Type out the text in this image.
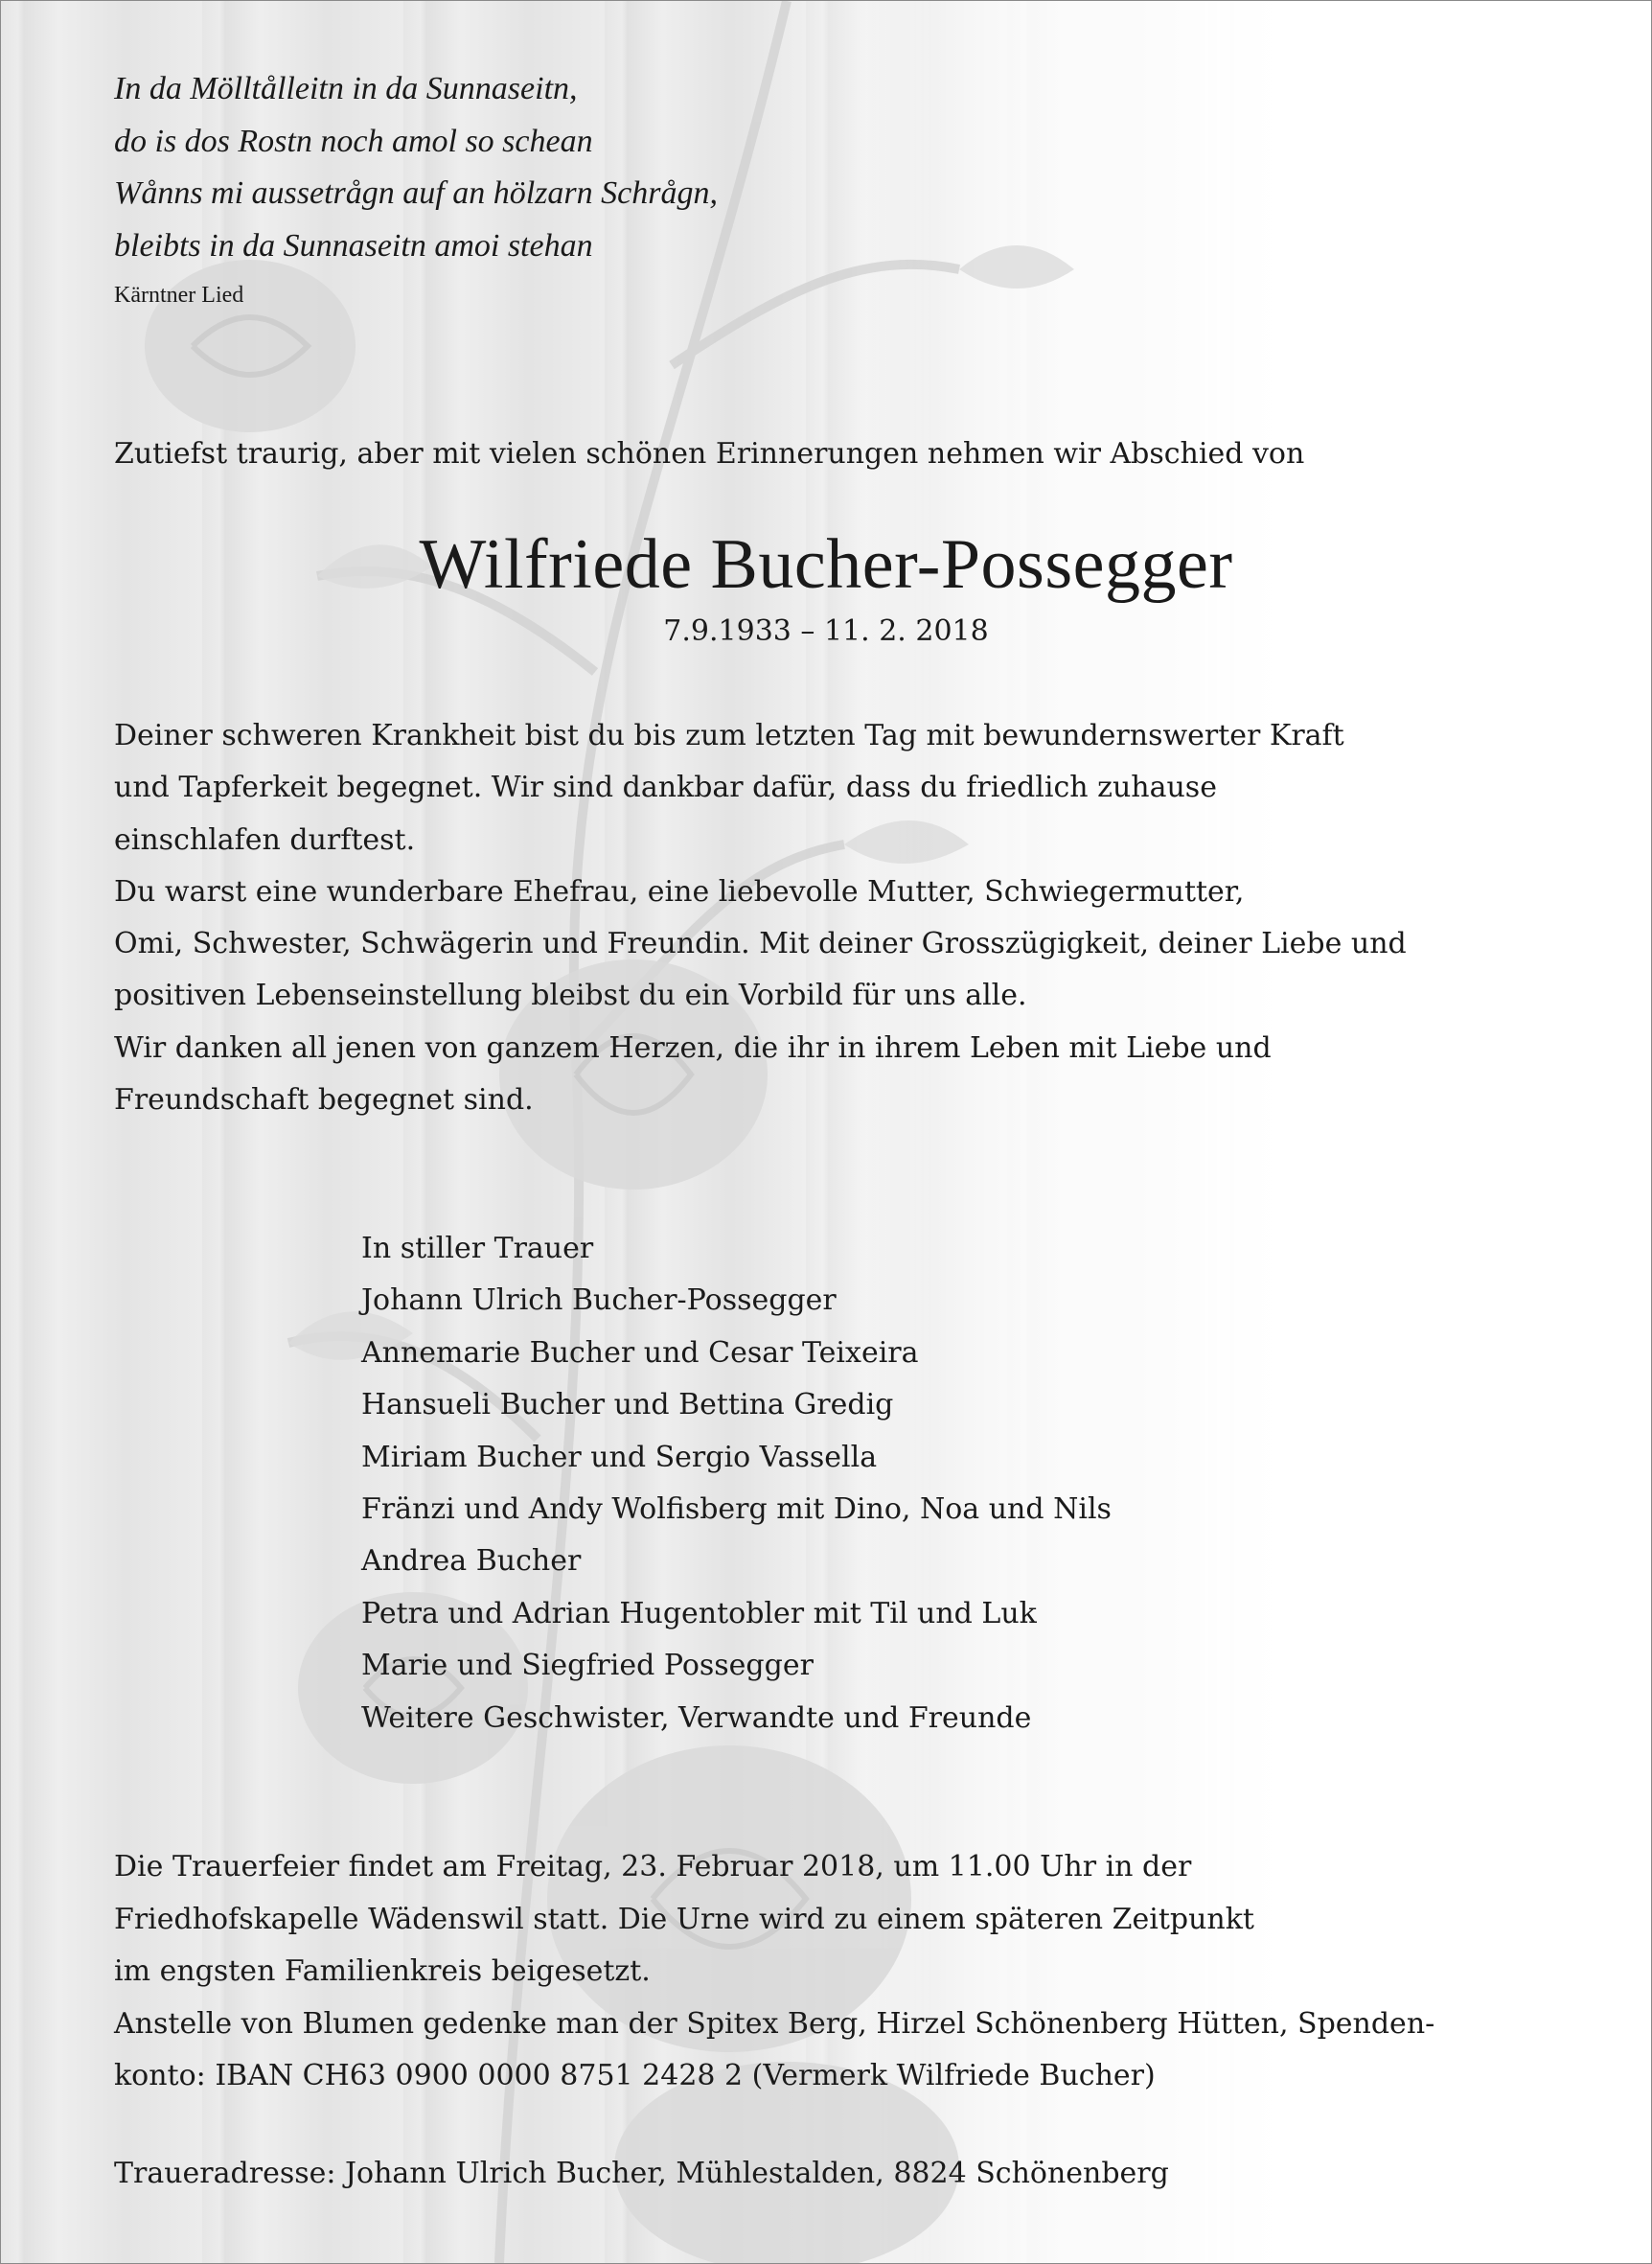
In da Mölltålleitn in da Sunnaseitn,
do is dos Rostn noch amol so schean
Wånns mi aussetrågn auf an hölzarn Schrågn,
bleibts in da Sunnaseitn amoi stehan
Kärntner Lied
Zutiefst traurig, aber mit vielen schönen Erinnerungen nehmen wir Abschied von
Wilfriede Bucher-Possegger
7.9.1933 – 11. 2. 2018
Deiner schweren Krankheit bist du bis zum letzten Tag mit bewundernswerter Kraft
und Tapferkeit begegnet. Wir sind dankbar dafür, dass du friedlich zuhause
einschlafen durftest.
Du warst eine wunderbare Ehefrau, eine liebevolle Mutter, Schwiegermutter,
Omi, Schwester, Schwägerin und Freundin. Mit deiner Grosszügigkeit, deiner Liebe und
positiven Lebenseinstellung bleibst du ein Vorbild für uns alle.
Wir danken all jenen von ganzem Herzen, die ihr in ihrem Leben mit Liebe und
Freundschaft begegnet sind.
In stiller Trauer
Johann Ulrich Bucher-Possegger
Annemarie Bucher und Cesar Teixeira
Hansueli Bucher und Bettina Gredig
Miriam Bucher und Sergio Vassella
Fränzi und Andy Wolfisberg mit Dino, Noa und Nils
Andrea Bucher
Petra und Adrian Hugentobler mit Til und Luk
Marie und Siegfried Possegger
Weitere Geschwister, Verwandte und Freunde
Die Trauerfeier findet am Freitag, 23. Februar 2018, um 11.00 Uhr in der
Friedhofskapelle Wädenswil statt. Die Urne wird zu einem späteren Zeitpunkt
im engsten Familienkreis beigesetzt.
Anstelle von Blumen gedenke man der Spitex Berg, Hirzel Schönenberg Hütten, Spenden-
konto: IBAN CH63 0900 0000 8751 2428 2 (Vermerk Wilfriede Bucher)
Traueradresse: Johann Ulrich Bucher, Mühlestalden, 8824 Schönenberg
